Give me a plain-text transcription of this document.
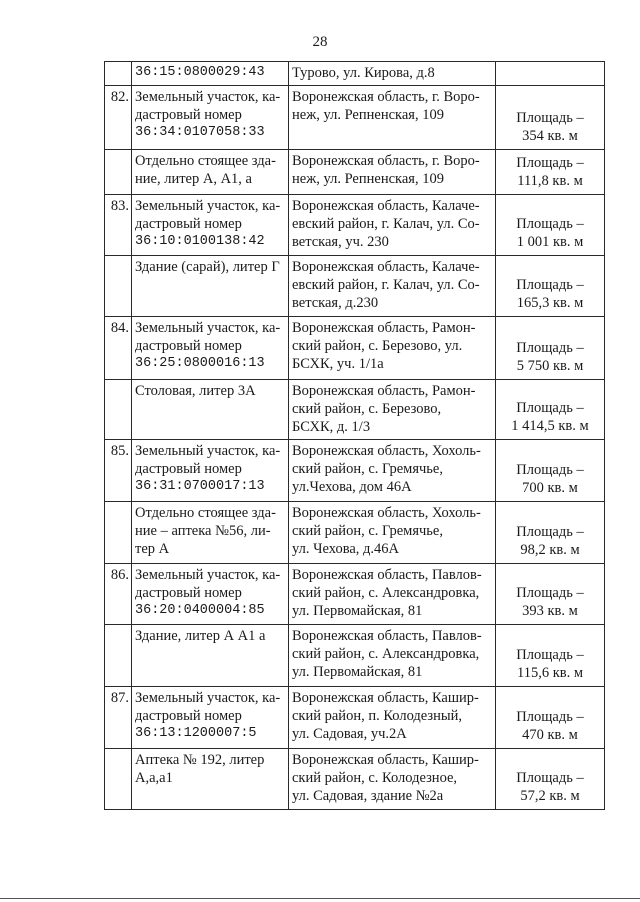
28

	36:15:0800029:43	Турово, ул. Кирова, д.8	

82.	Земельный участок, ка-
дастровый номер
36:34:0107058:33	Воронежская область, г. Воро-
неж, ул. Репненская, 109	Площадь –
354 кв. м

	Отдельно стоящее зда-
ние, литер А, А1, а	Воронежская область, г. Воро-
неж, ул. Репненская, 109	Площадь –
111,8 кв. м

83.	Земельный участок, ка-
дастровый номер
36:10:0100138:42	Воронежская область, Калаче-
евский район, г. Калач, ул. Со-
ветская, уч. 230	Площадь –
1 001 кв. м

	Здание (сарай), литер Г	Воронежская область, Калаче-
евский район, г. Калач, ул. Со-
ветская, д.230	Площадь –
165,3 кв. м

84.	Земельный участок, ка-
дастровый номер
36:25:0800016:13	Воронежская область, Рамон-
ский район, с. Березово, ул.
БСХК, уч. 1/1а	Площадь –
5 750 кв. м

	Столовая, литер 3А	Воронежская область, Рамон-
ский район, с. Березово,
БСХК, д. 1/3	Площадь –
1 414,5 кв. м

85.	Земельный участок, ка-
дастровый номер
36:31:0700017:13	Воронежская область, Хохоль-
ский район, с. Гремячье,
ул.Чехова, дом 46А	Площадь –
700 кв. м

	Отдельно стоящее зда-
ние – аптека №56, ли-
тер А	Воронежская область, Хохоль-
ский район, с. Гремячье,
ул. Чехова, д.46А	Площадь –
98,2 кв. м

86.	Земельный участок, ка-
дастровый номер
36:20:0400004:85	Воронежская область, Павлов-
ский район, с. Александровка,
ул. Первомайская, 81	Площадь –
393 кв. м

	Здание, литер А А1 а	Воронежская область, Павлов-
ский район, с. Александровка,
ул. Первомайская, 81	Площадь –
115,6 кв. м

87.	Земельный участок, ка-
дастровый номер
36:13:1200007:5	Воронежская область, Кашир-
ский район, п. Колодезный,
ул. Садовая, уч.2А	Площадь –
470 кв. м

	Аптека № 192, литер
А,а,а1	Воронежская область, Кашир-
ский район, с. Колодезное,
ул. Садовая, здание №2а	Площадь –
57,2 кв. м
